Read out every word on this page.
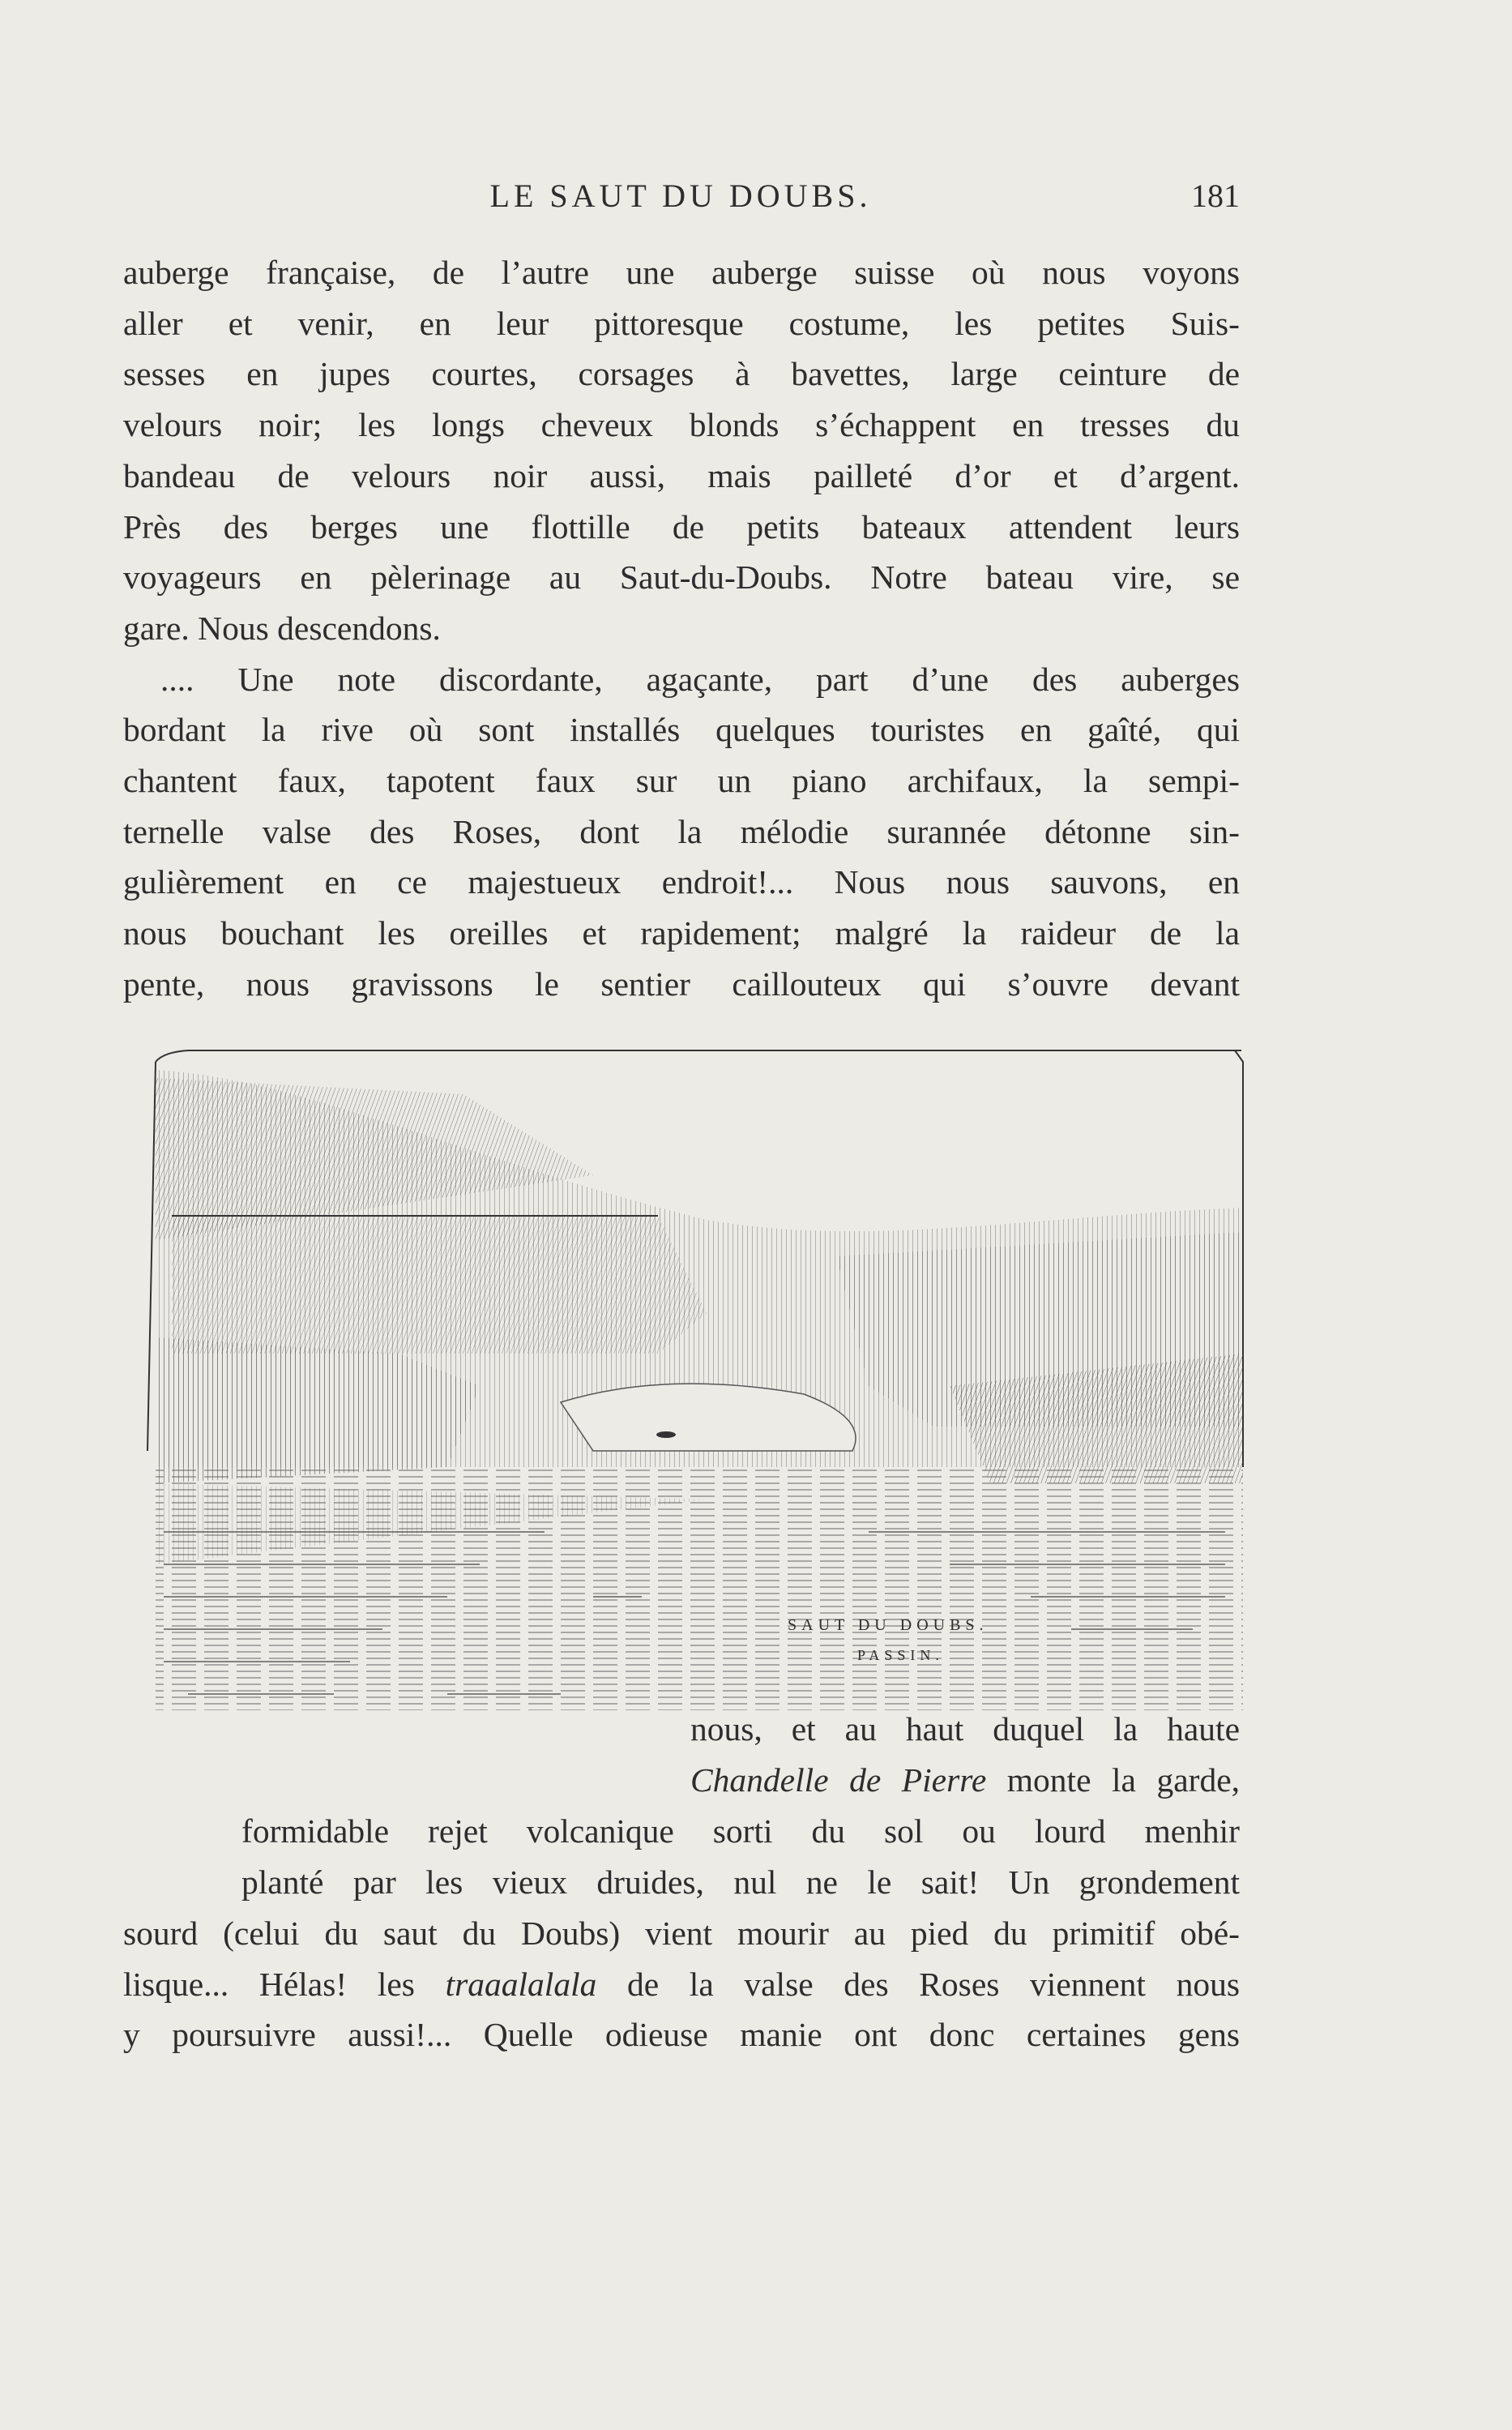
LE SAUT DU DOUBS.	181
auberge française, de l’autre une auberge suisse où nous voyons
aller et venir, en leur pittoresque costume, les petites Suis-
sesses en jupes courtes, corsages à bavettes, large ceinture de
velours noir; les longs cheveux blonds s’échappent en tresses du
bandeau de velours noir aussi, mais pailleté d’or et d’argent.
Près des berges une flottille de petits bateaux attendent leurs
voyageurs en pèlerinage au Saut-du-Doubs. Notre bateau vire, se
gare. Nous descendons.
.... Une note discordante, agaçante, part d’une des auberges
bordant la rive où sont installés quelques touristes en gaîté, qui
chantent faux, tapotent faux sur un piano archifaux, la sempi-
ternelle valse des Roses, dont la mélodie surannée détonne sin-
gulièrement en ce majestueux endroit!... Nous nous sauvons, en
nous bouchant les oreilles et rapidement; malgré la raideur de la
pente, nous gravissons le sentier caillouteux qui s’ouvre devant
SAUT DU DOUBS.
PASSIN.
nous, et au haut duquel la haute
Chandelle de Pierre monte la garde,
formidable rejet volcanique sorti du sol ou lourd menhir
planté par les vieux druides, nul ne le sait! Un grondement
sourd (celui du saut du Doubs) vient mourir au pied du primitif obé-
lisque... Hélas! les traaalalala de la valse des Roses viennent nous
y poursuivre aussi!... Quelle odieuse manie ont donc certaines gens
